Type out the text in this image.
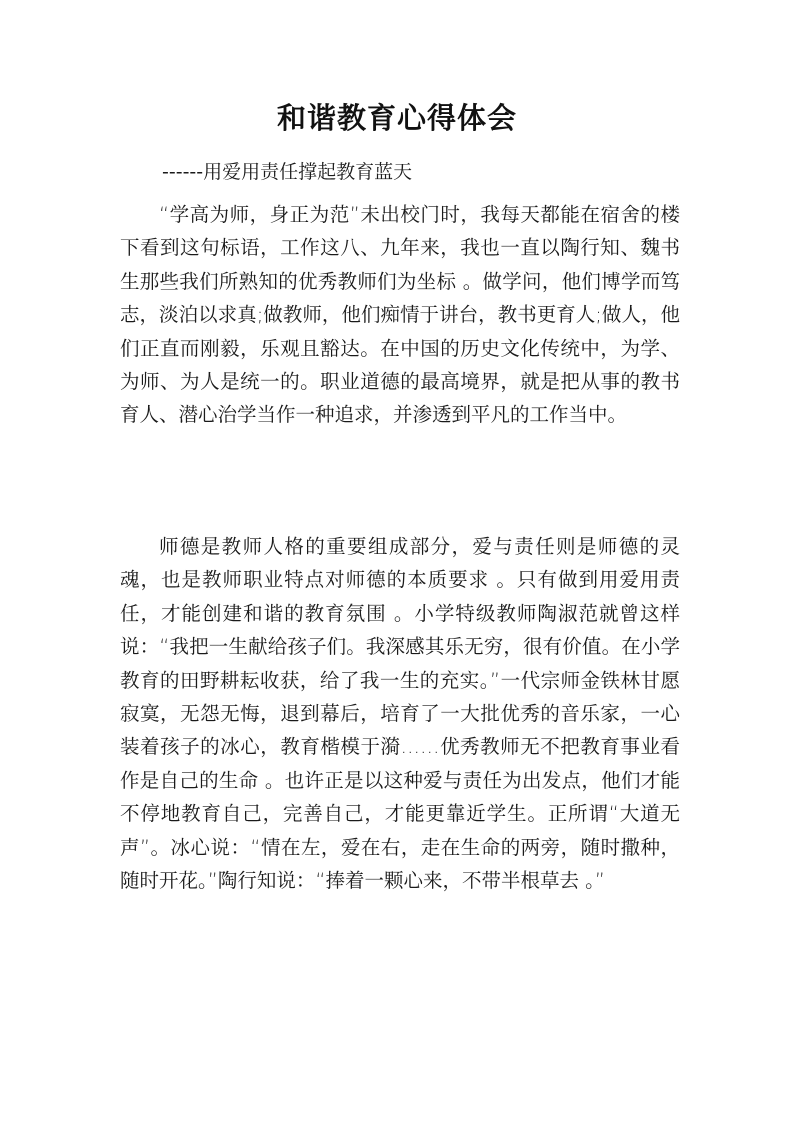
和谐教育心得体会

------用爱用责任撑起教育蓝天

“学高为师，身正为范”未出校门时，我每天都能在宿舍的楼下看到这句标语，工作这八、九年来，我也一直以陶行知、魏书生那些我们所熟知的优秀教师们为坐标 。做学问，他们博学而笃志，淡泊以求真;做教师，他们痴情于讲台，教书更育人;做人，他们正直而刚毅，乐观且豁达。在中国的历史文化传统中，为学、为师、为人是统一的。职业道德的最高境界，就是把从事的教书育人、潜心治学当作一种追求，并渗透到平凡的工作当中。

师德是教师人格的重要组成部分，爱与责任则是师德的灵魂，也是教师职业特点对师德的本质要求 。只有做到用爱用责任，才能创建和谐的教育氛围 。小学特级教师陶淑范就曾这样说：“我把一生献给孩子们。我深感其乐无穷，很有价值。在小学教育的田野耕耘收获，给了我一生的充实。”一代宗师金铁林甘愿寂寞，无怨无悔，退到幕后，培育了一大批优秀的音乐家，一心装着孩子的冰心，教育楷模于漪……优秀教师无不把教育事业看作是自己的生命 。也许正是以这种爱与责任为出发点，他们才能不停地教育自己，完善自己，才能更靠近学生。正所谓“大道无声”。冰心说：“情在左，爱在右，走在生命的两旁，随时撒种，随时开花。”陶行知说：“捧着一颗心来，不带半根草去 。”
